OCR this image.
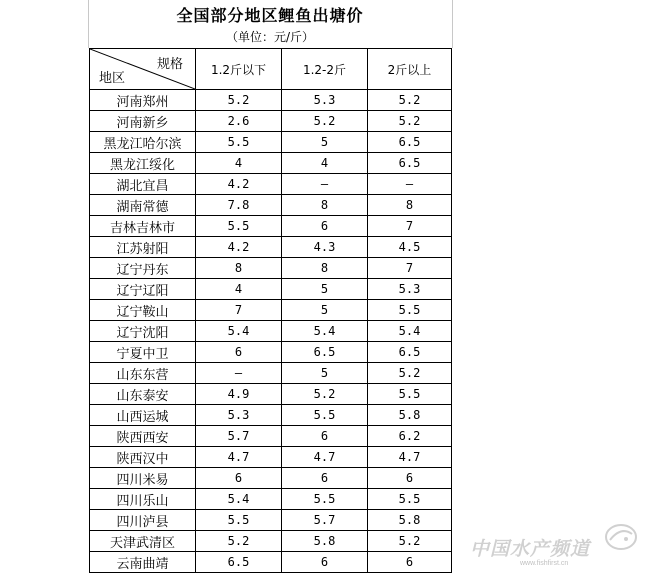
全国部分地区鲤鱼出塘价
（单位：元/斤）
规格
地区	1.2斤以下	1.2-2斤	2斤以上
河南郑州	5.2	5.3	5.2
河南新乡	2.6	5.2	5.2
黑龙江哈尔滨	5.5	5	6.5
黑龙江绥化	4	4	6.5
湖北宜昌	4.2	—	—
湖南常德	7.8	8	8
吉林吉林市	5.5	6	7
江苏射阳	4.2	4.3	4.5
辽宁丹东	8	8	7
辽宁辽阳	4	5	5.3
辽宁鞍山	7	5	5.5
辽宁沈阳	5.4	5.4	5.4
宁夏中卫	6	6.5	6.5
山东东营	—	5	5.2
山东泰安	4.9	5.2	5.5
山西运城	5.3	5.5	5.8
陕西西安	5.7	6	6.2
陕西汉中	4.7	4.7	4.7
四川米易	6	6	6
四川乐山	5.4	5.5	5.5
四川泸县	5.5	5.7	5.8
天津武清区	5.2	5.8	5.2
云南曲靖	6.5	6	6
中国水产频道
www.fishfirst.cn
